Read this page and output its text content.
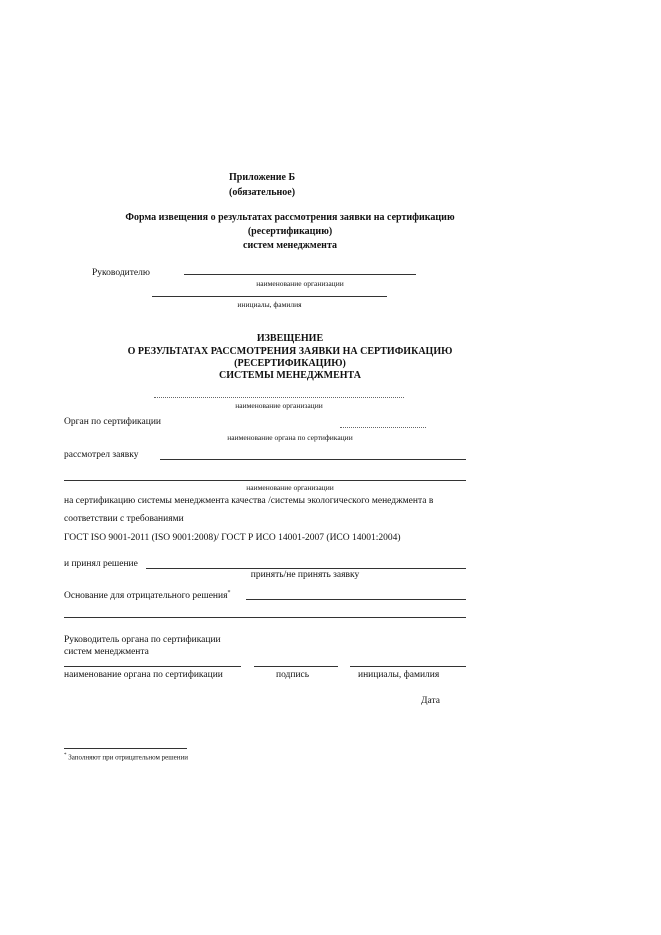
Приложение Б
(обязательное)
Форма извещения о результатах рассмотрения заявки на сертификацию
(ресертификацию)
систем менеджмента
Руководителю
наименование организации
инициалы, фамилия
ИЗВЕЩЕНИЕ
О РЕЗУЛЬТАТАХ РАССМОТРЕНИЯ ЗАЯВКИ НА СЕРТИФИКАЦИЮ
(РЕСЕРТИФИКАЦИЮ)
СИСТЕМЫ МЕНЕДЖМЕНТА
наименование организации
Орган по сертификации
наименование органа по сертификации
рассмотрел заявку
наименование организации
на сертификацию системы менеджмента качества /системы экологического менеджмента в
соответствии с требованиями
ГОСТ ISO 9001-2011 (ISO 9001:2008)/ ГОСТ Р ИСО 14001-2007 (ИСО 14001:2004)
и принял решение
принять/не принять заявку
Основание для отрицательного решения*
Руководитель органа по сертификации
систем менеджмента
наименование органа по сертификации	подпись	инициалы, фамилия
Дата
* Заполняют при отрицательном решении
